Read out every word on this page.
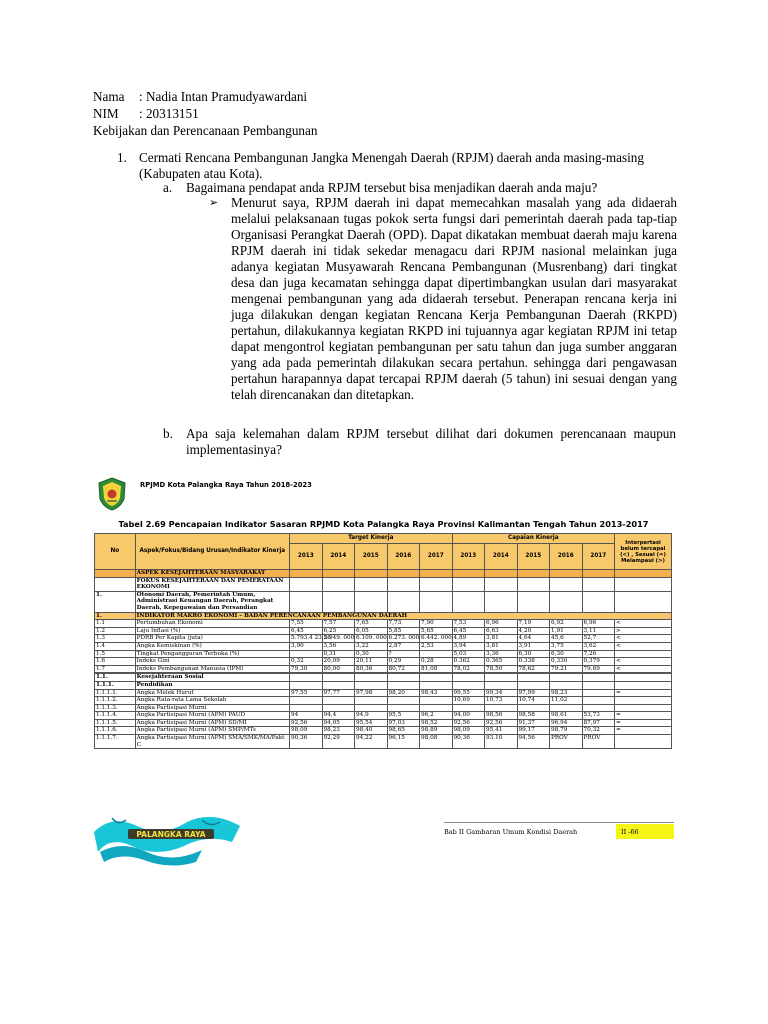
Nama : Nadia Intan Pramudyawardani
NIM : 20313151
Kebijakan dan Perencanaan Pembangunan
1. Cermati Rencana Pembangunan Jangka Menengah Daerah (RPJM) daerah anda masing-masing (Kabupaten atau Kota).
a. Bagaimana pendapat anda RPJM tersebut bisa menjadikan daerah anda maju?
➢ Menurut saya, RPJM daerah ini dapat memecahkan masalah yang ada didaerah melalui pelaksanaan tugas pokok serta fungsi dari pemerintah daerah pada tap-tiap Organisasi Perangkat Daerah (OPD). Dapat dikatakan membuat daerah maju karena RPJM daerah ini tidak sekedar menagacu dari RPJM nasional melainkan juga adanya kegiatan Musyawarah Rencana Pembangunan (Musrenbang) dari tingkat desa dan juga kecamatan sehingga dapat dipertimbangkan usulan dari masyarakat mengenai pembangunan yang ada didaerah tersebut. Penerapan rencana kerja ini juga dilakukan dengan kegiatan Rencana Kerja Pembangunan Daerah (RKPD) pertahun, dilakukannya kegiatan RKPD ini tujuannya agar kegiatan RPJM ini tetap dapat mengontrol kegiatan pembangunan per satu tahun dan juga sumber anggaran yang ada pada pemerintah dilakukan secara pertahun. sehingga dari pengawasan pertahun harapannya dapat tercapai RPJM daerah (5 tahun) ini sesuai dengan yang telah direncanakan dan ditetapkan.
b. Apa saja kelemahan dalam RPJM tersebut dilihat dari dokumen perencanaan maupun implementasinya?
RPJMD Kota Palangka Raya Tahun 2018-2023
Tabel 2.69 Pencapaian Indikator Sasaran RPJMD Kota Palangka Raya Provinsi Kalimantan Tengah Tahun 2013-2017
No	Aspek/Fokus/Bidang Urusan/Indikator Kinerja	Target Kinerja					Capaian Kinerja					Interpertasi belum tercapai (<) , Sesuai (=) Melampaui (>)
		2013	2014	2015	2016	2017	2013	2014	2015	2016	2017	
	ASPEK KESEJAHTERAAN MASYARAKAT											
	FOKUS KESEJAHTERAAN DAN PEMERATAAN EKONOMI											
1.	Otonomi Daerah, Pemerintah Umum, Administrasi Keuangan Daerah, Perangkat Daerah, Kepegawaian dan Persandian											
1.	INDIKATOR MAKRO EKONOMI – BADAN PERENCANAAN PEMBANGUNAN DAERAH											
1.1	Pertumbuhan Ekonomi	7,55	7,57	7,65	7,73	7,90	7,53	6,96	7,19	6,92	6,96	<
1.2	Laju Inflasi (%)	6,45	6,25	6,05	5,85	5,65	6,45	6,63	4,20	1,91	3,11	>
1.3	PDRB Per Kapita (juta)	5.793.4 23,26	5.949. 000	6.109. 000	6.273. 000	6.442. 000	4,89	3,81	4,64	45,6	52,7	<
1.4	Angka Kemiskinan (%)	3,90	3,56	3,22	2,87	2,53	3,94	3,81	3,91	3,75	3,62	<
1.5	Tingkat Pengangguran Terbuka (%)		0,31	0,30	?		5,03	3,36	6,30	6,30	7,26	
1.6	Indeks Gini	0,32	20,09	20,11	0,29	0,28	0.362	0.365	0.338	0,330	0,379	<
1.7	Indeks Pembangunan Manusia (IPM)	79,30	80,00	80,36	80,72	81,08	78,02	78,50	78,62	79.21	79.69	<

1.1.	Kesejahteraan Sosial											
1.1.1.	Pendidikan											
1.1.1.1.	Angka Melek Huruf	97,55	97,77	97,98	98,20	98,43	99,55	99,34	97,99	98,23		=
1.1.1.2.	Angka Rata-rata Lama Sekolah						10,69	10,73	10,74	11,02		
1.1.1.3.	Angka Partisipasi Murni											
1.1.1.4.	Angka Partisipasi Murni (APM) PAUD	94	94,4	94,9	95,5	96,2	94,00	98,56	98,58	98,61	53,73	=
1.1.1.5.	Angka Partisipasi Murni (APM) SD/MI	92,56	94,05	95,54	97,03	98,52	92,56	92,56	91,37	96,94	87,97	=
1.1.1.6.	Angka Partisipasi Murni (APM) SMP/MTs	98,09	98,23	98,40	98,65	98,89	98,09	95,41	99,17	98,79	70,32	=
1.1.1.7.	Angka Partisipasi Murni (APM) SMA/SMK/MA/Pakt C	90,36	92,29	94,22	96,15	98,08	90,36	93,10	94,56	PROV	PROV	
PALANGKA RAYA	Bab II Gambaran Umum Kondisi Daerah	II -66
